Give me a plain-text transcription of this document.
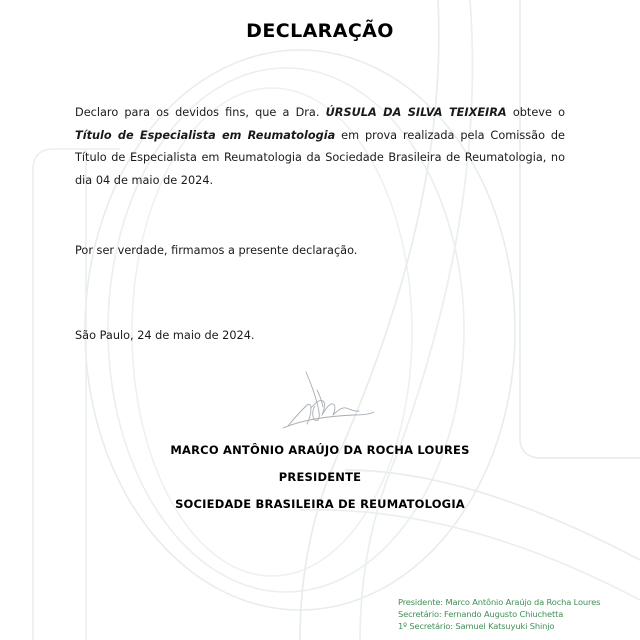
DECLARAÇÃO
Declaro para os devidos fins, que a Dra. ÚRSULA DA SILVA TEIXEIRA obteve o Título de Especialista em Reumatologia em prova realizada pela Comissão de Título de Especialista em Reumatologia da Sociedade Brasileira de Reumatologia, no dia 04 de maio de 2024.
Por ser verdade, firmamos a presente declaração.
São Paulo, 24 de maio de 2024.
MARCO ANTÔNIO ARAÚJO DA ROCHA LOURES
PRESIDENTE
SOCIEDADE BRASILEIRA DE REUMATOLOGIA
Presidente: Marco Antônio Araújo da Rocha Loures
Secretário: Fernando Augusto Chiuchetta
1º Secretário: Samuel Katsuyuki Shinjo
